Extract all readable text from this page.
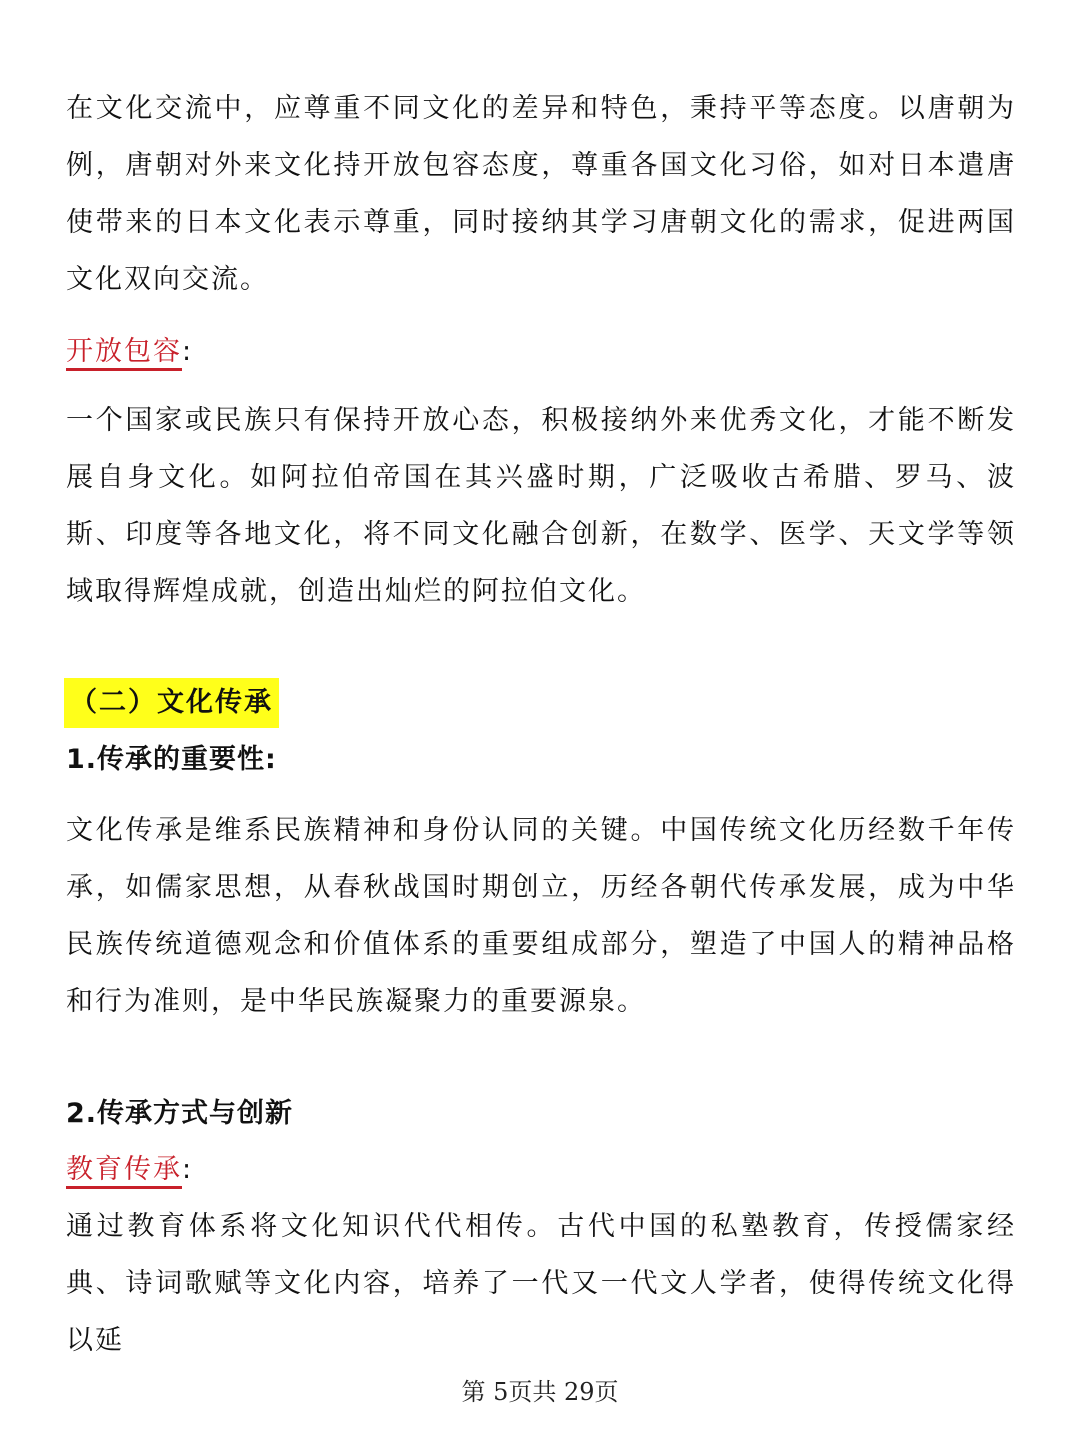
在文化交流中，应尊重不同文化的差异和特色，秉持平等态度。以唐朝为例，唐朝对外来文化持开放包容态度，尊重各国文化习俗，如对日本遣唐使带来的日本文化表示尊重，同时接纳其学习唐朝文化的需求，促进两国文化双向交流。

开放包容:

一个国家或民族只有保持开放心态，积极接纳外来优秀文化，才能不断发展自身文化。如阿拉伯帝国在其兴盛时期，广泛吸收古希腊、罗马、波斯、印度等各地文化，将不同文化融合创新，在数学、医学、天文学等领域取得辉煌成就，创造出灿烂的阿拉伯文化。

（二）文化传承

1.传承的重要性:

文化传承是维系民族精神和身份认同的关键。中国传统文化历经数千年传承，如儒家思想，从春秋战国时期创立，历经各朝代传承发展，成为中华民族传统道德观念和价值体系的重要组成部分，塑造了中国人的精神品格和行为准则，是中华民族凝聚力的重要源泉。

2.传承方式与创新

教育传承:

通过教育体系将文化知识代代相传。古代中国的私塾教育，传授儒家经典、诗词歌赋等文化内容，培养了一代又一代文人学者，使得传统文化得以延

第 5页共 29页
